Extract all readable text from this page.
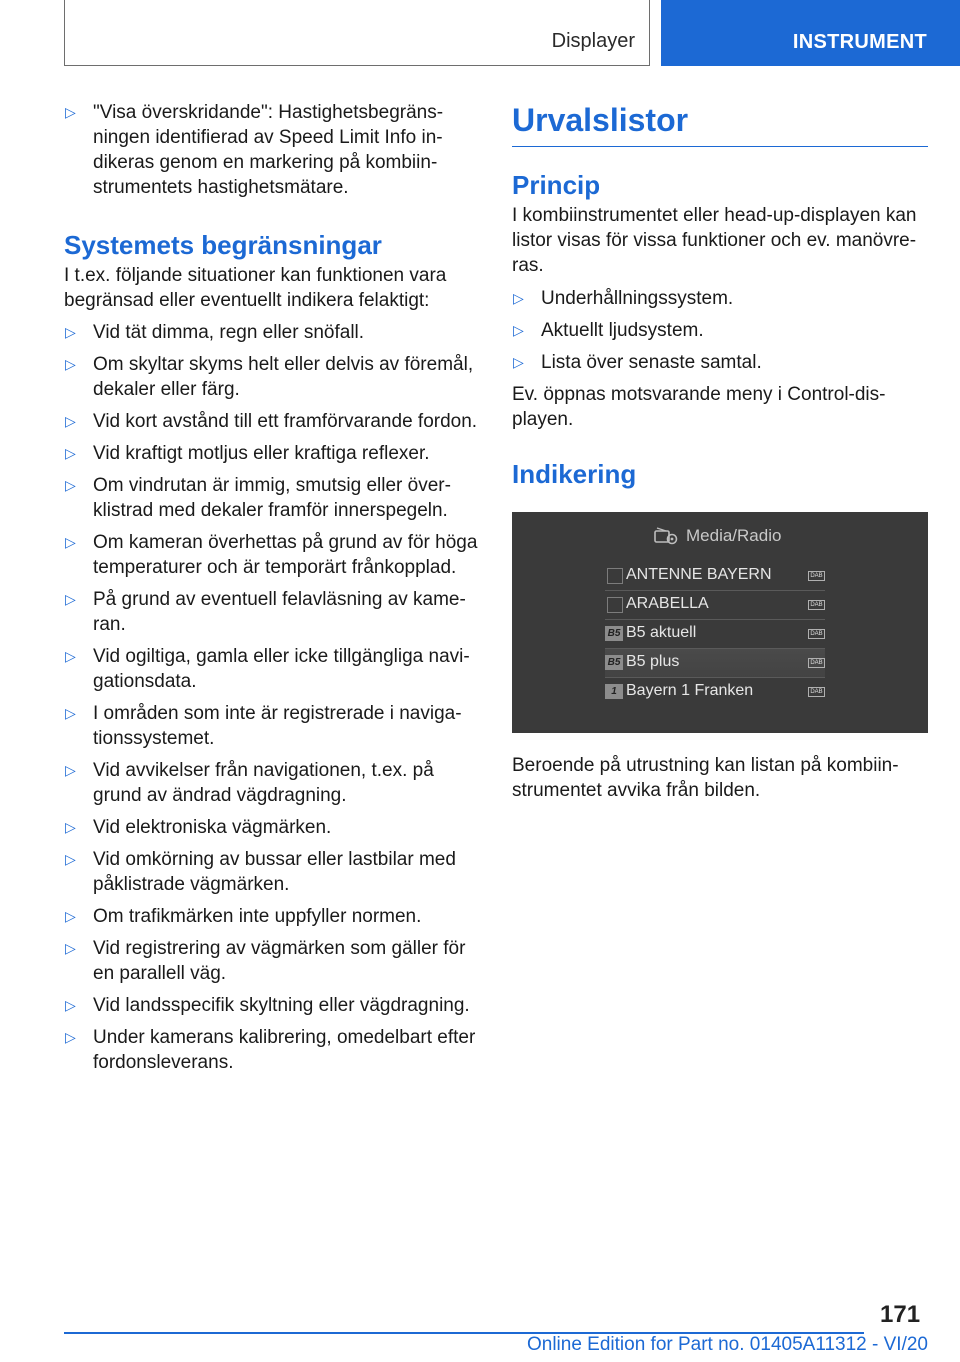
Displayer	INSTRUMENT
▷ "Visa överskridande": Hastighetsbegränsningen identifierad av Speed Limit Info indikeras genom en markering på kombiinstrumentets hastighetsmätare.
Systemets begränsningar
I t.ex. följande situationer kan funktionen vara begränsad eller eventuellt indikera felaktigt:
▷ Vid tät dimma, regn eller snöfall.
▷ Om skyltar skyms helt eller delvis av föremål, dekaler eller färg.
▷ Vid kort avstånd till ett framförvarande fordon.
▷ Vid kraftigt motljus eller kraftiga reflexer.
▷ Om vindrutan är immig, smutsig eller överklistrad med dekaler framför innerspegeln.
▷ Om kameran överhettas på grund av för höga temperaturer och är temporärt frånkopplad.
▷ På grund av eventuell felavläsning av kameran.
▷ Vid ogiltiga, gamla eller icke tillgängliga navigationsdata.
▷ I områden som inte är registrerade i navigationssystemet.
▷ Vid avvikelser från navigationen, t.ex. på grund av ändrad vägdragning.
▷ Vid elektroniska vägmärken.
▷ Vid omkörning av bussar eller lastbilar med påklistrade vägmärken.
▷ Om trafikmärken inte uppfyller normen.
▷ Vid registrering av vägmärken som gäller för en parallell väg.
▷ Vid landsspecifik skyltning eller vägdragning.
▷ Under kamerans kalibrering, omedelbart efter fordonsleverans.
Urvalslistor
Princip
I kombiinstrumentet eller head-up-displayen kan listor visas för vissa funktioner och ev. manövreras.
▷ Underhållningssystem.
▷ Aktuellt ljudsystem.
▷ Lista över senaste samtal.
Ev. öppnas motsvarande meny i Control-displayen.
Indikering
Media/Radio
ANTENNE BAYERN	DAB
ARABELLA	DAB
B5 B5 aktuell	DAB
B5 B5 plus	DAB
1 Bayern 1 Franken	DAB
Beroende på utrustning kan listan på kombiinstrumentet avvika från bilden.
171
Online Edition for Part no. 01405A11312 - VI/20
